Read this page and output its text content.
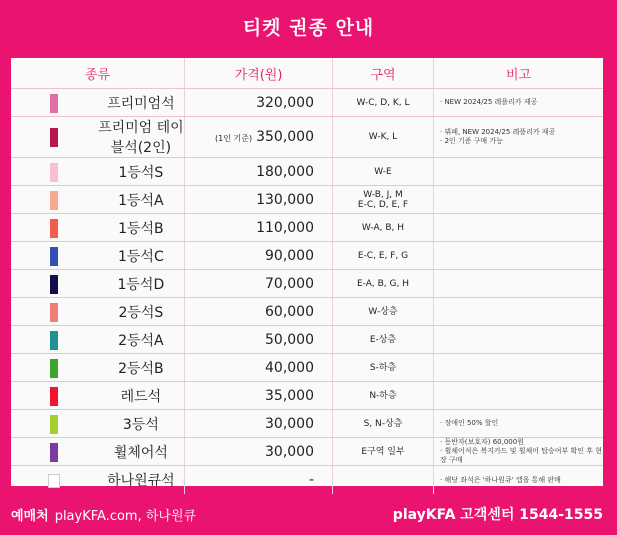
티켓 권종 안내
종류		가격(원)	구역	비고
	프리미엄석	320,000	W-C, D, K, L	· NEW 2024/25 레플리카 제공
	프리미엄 테이블석(2인)	(1인 기준) 350,000	W-K, L	· 뷔페, NEW 2024/25 레플리카 제공
· 2인 기준 구매 가능
	1등석S	180,000	W-E	
	1등석A	130,000	W-B, J, M
E-C, D, E, F	
	1등석B	110,000	W-A, B, H	
	1등석C	90,000	E-C, E, F, G	
	1등석D	70,000	E-A, B, G, H	
	2등석S	60,000	W-상층	
	2등석A	50,000	E-상층	
	2등석B	40,000	S-하층	
	레드석	35,000	N-하층	
	3등석	30,000	S, N-상층	· 장애인 50% 할인
	휠체어석	30,000	E구역 일부	· 동반자(보호자) 60,000원
· 휠체어석은 복지카드 및 휠체어 탑승여부 확인 후 현장 구매
	하나원큐석	-		· 해당 좌석은 '하나원큐' 앱을 통해 판매
예매처 playKFA.com, 하나원큐	playKFA 고객센터 1544-1555
